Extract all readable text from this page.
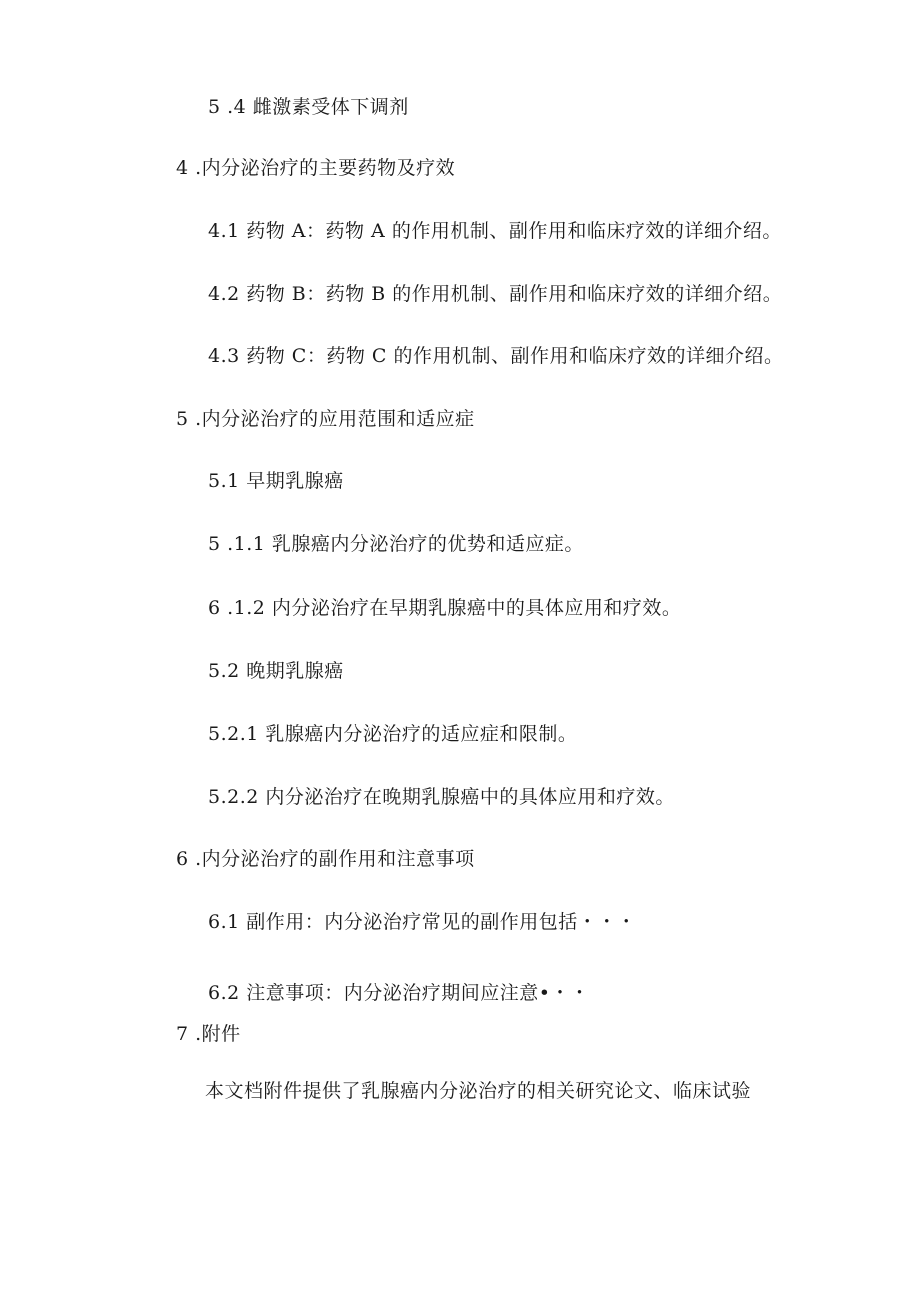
5 .4 雌激素受体下调剂
4 .内分泌治疗的主要药物及疗效
4.1 药物 A：药物 A 的作用机制、副作用和临床疗效的详细介绍。
4.2 药物 B：药物 B 的作用机制、副作用和临床疗效的详细介绍。
4.3 药物 C：药物 C 的作用机制、副作用和临床疗效的详细介绍。
5 .内分泌治疗的应用范围和适应症
5.1 早期乳腺癌
5 .1.1 乳腺癌内分泌治疗的优势和适应症。
6 .1.2 内分泌治疗在早期乳腺癌中的具体应用和疗效。
5.2 晚期乳腺癌
5.2.1 乳腺癌内分泌治疗的适应症和限制。
5.2.2 内分泌治疗在晚期乳腺癌中的具体应用和疗效。
6 .内分泌治疗的副作用和注意事项
6.1 副作用：内分泌治疗常见的副作用包括・・・
6.2 注意事项：内分泌治疗期间应注意•・・
7 .附件
本文档附件提供了乳腺癌内分泌治疗的相关研究论文、临床试验
